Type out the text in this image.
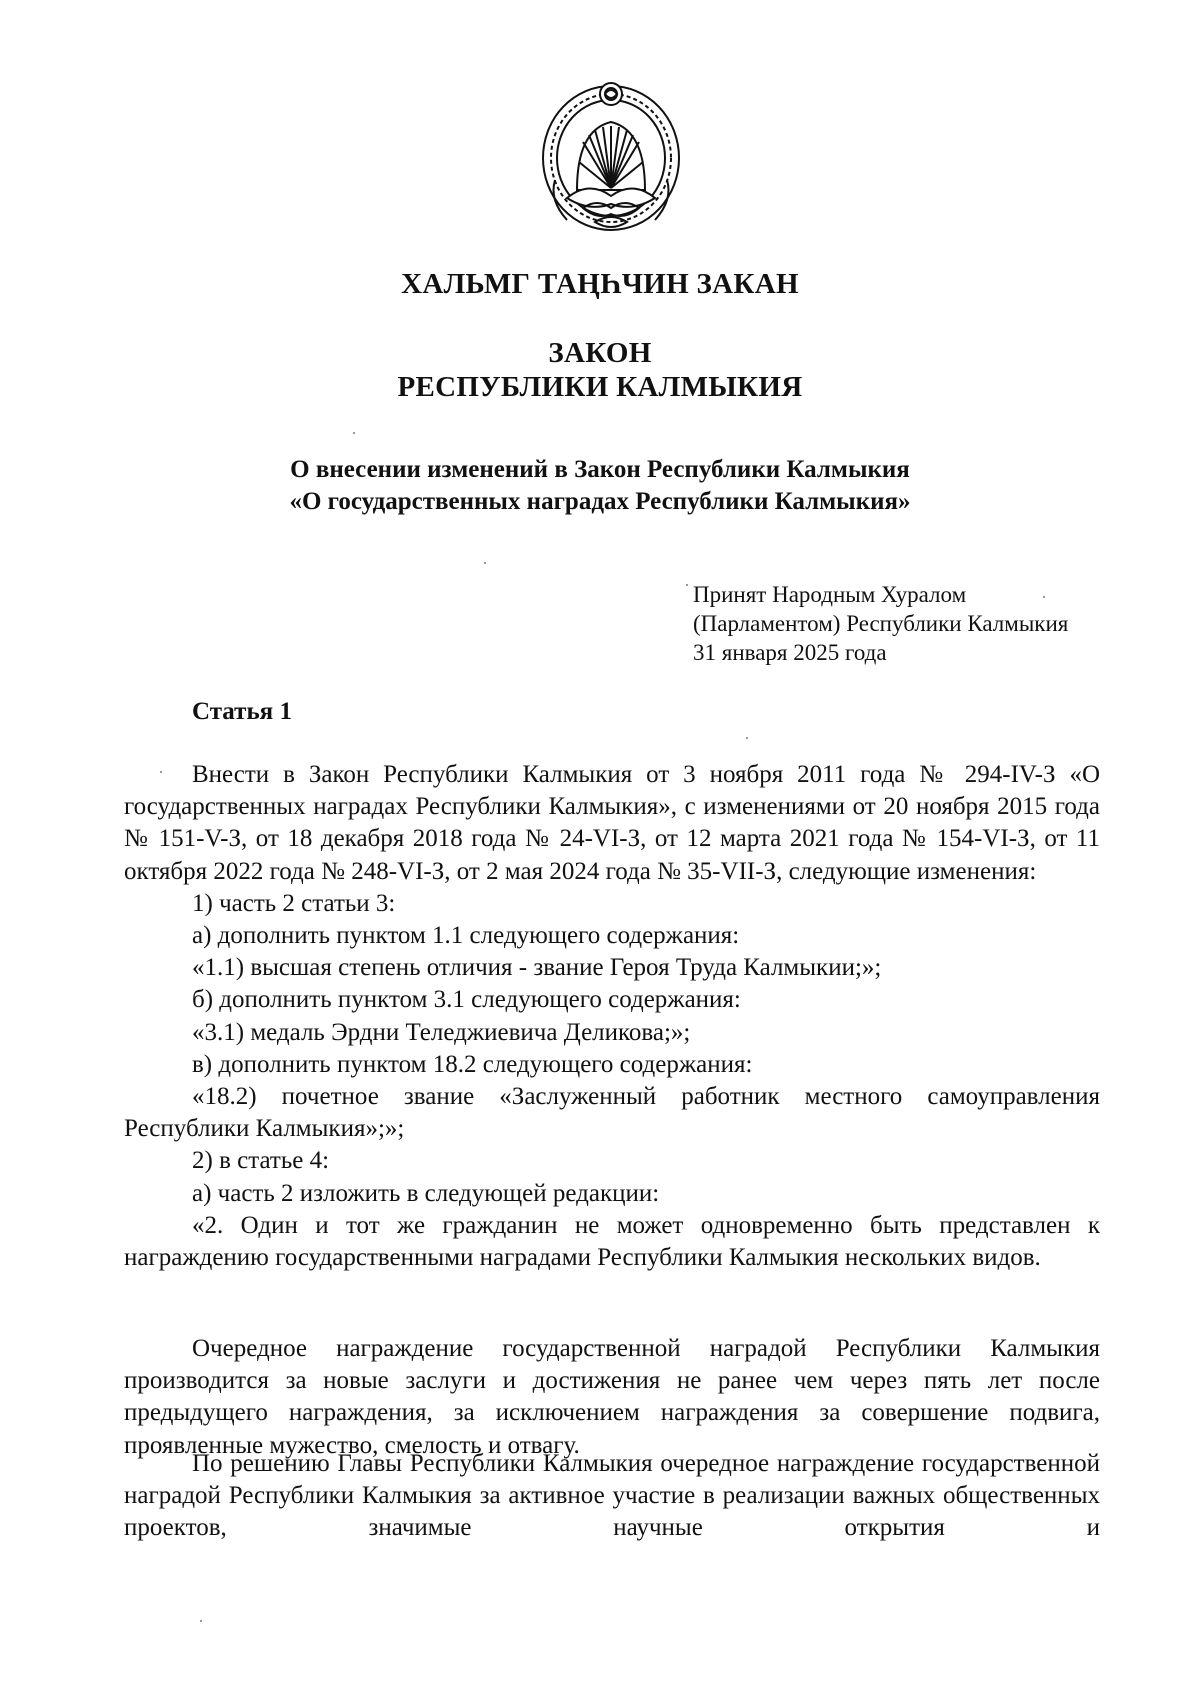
ХАЛЬМГ ТАҢҺЧИН ЗАКАН
ЗАКОН
РЕСПУБЛИКИ КАЛМЫКИЯ
О внесении изменений в Закон Республики Калмыкия
«О государственных наградах Республики Калмыкия»
Принят Народным Хуралом
(Парламентом) Республики Калмыкия
31 января 2025 года
Статья 1

Внести в Закон Республики Калмыкия от 3 ноября 2011 года № 294-IV-З «О государственных наградах Республики Калмыкия», с изменениями от 20 ноября 2015 года № 151-V-З, от 18 декабря 2018 года № 24-VI-З, от 12 марта 2021 года № 154-VI-З, от 11 октября 2022 года № 248-VI-З, от 2 мая 2024 года № 35-VII-З, следующие изменения:

1) часть 2 статьи 3:

а) дополнить пунктом 1.1 следующего содержания:

«1.1) высшая степень отличия - звание Героя Труда Калмыкии;»;

б) дополнить пунктом 3.1 следующего содержания:

«3.1) медаль Эрдни Теледжиевича Деликова;»;

в) дополнить пунктом 18.2 следующего содержания:

«18.2) почетное звание «Заслуженный работник местного самоуправления Республики Калмыкия»;»;

2) в статье 4:

а) часть 2 изложить в следующей редакции:

«2. Один и тот же гражданин не может одновременно быть представлен к награждению государственными наградами Республики Калмыкия нескольких видов.

Очередное награждение государственной наградой Республики Калмыкия производится за новые заслуги и достижения не ранее чем через пять лет после предыдущего награждения, за исключением награждения за совершение подвига, проявленные мужество, смелость и отвагу.

По решению Главы Республики Калмыкия очередное награждение государственной наградой Республики Калмыкия за активное участие в реализации важных общественных проектов, значимые научные открытия и
